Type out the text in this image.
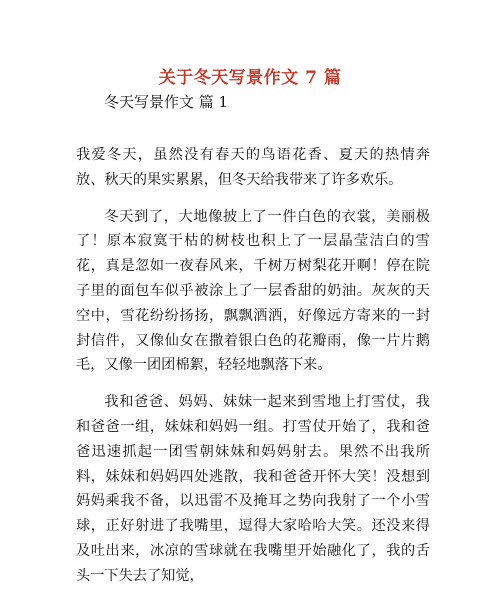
关于冬天写景作文 7 篇
冬天写景作文 篇 1

我爱冬天，虽然没有春天的鸟语花香、夏天的热情奔放、秋天的果实累累，但冬天给我带来了许多欢乐。

冬天到了，大地像披上了一件白色的衣裳，美丽极了！原本寂寞干枯的树枝也积上了一层晶莹洁白的雪花，真是忽如一夜春风来，千树万树梨花开啊！停在院子里的面包车似乎被涂上了一层香甜的奶油。灰灰的天空中，雪花纷纷扬扬，飘飘洒洒，好像远方寄来的一封封信件，又像仙女在撒着银白色的花瓣雨，像一片片鹅毛，又像一团团棉絮，轻轻地飘落下来。

我和爸爸、妈妈、妹妹一起来到雪地上打雪仗，我和爸爸一组，妹妹和妈妈一组。打雪仗开始了，我和爸爸迅速抓起一团雪朝妹妹和妈妈射去。果然不出我所料，妹妹和妈妈四处逃散，我和爸爸开怀大笑！没想到妈妈乘我不备，以迅雷不及掩耳之势向我射了一个小雪球，正好射进了我嘴里，逗得大家哈哈大笑。还没来得及吐出来，冰凉的雪球就在我嘴里开始融化了，我的舌头一下失去了知觉，
